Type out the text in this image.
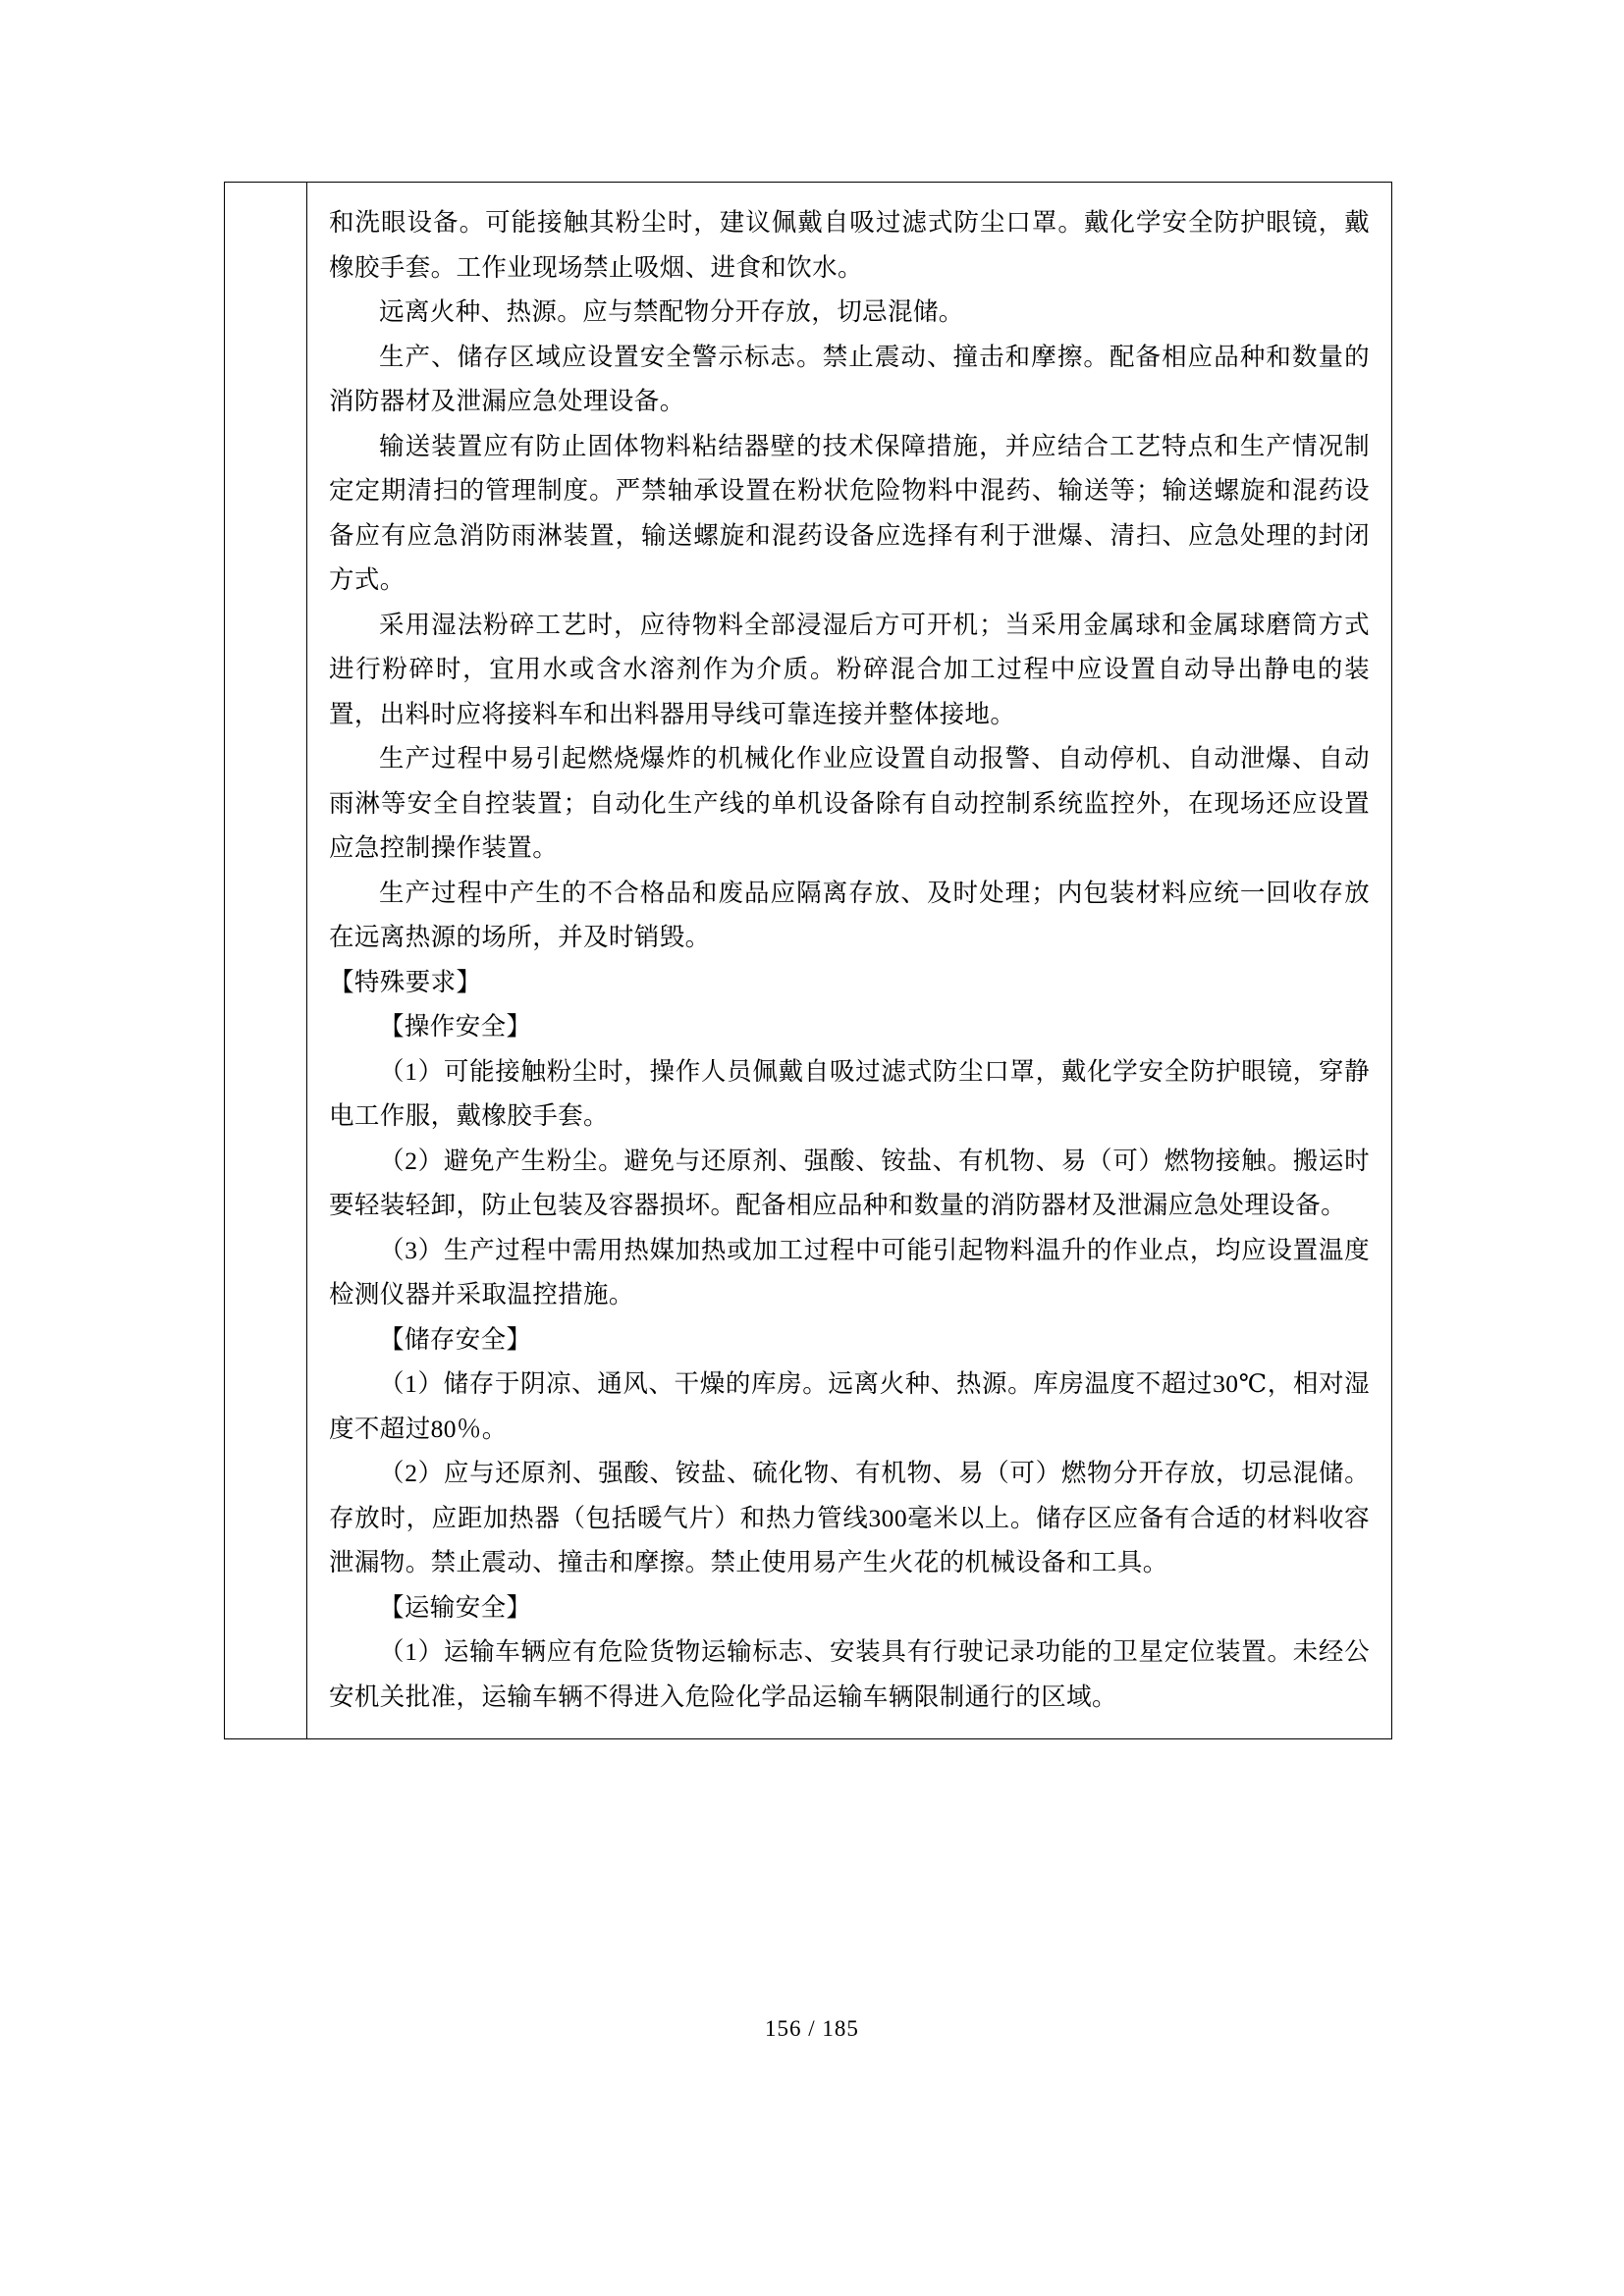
和洗眼设备。可能接触其粉尘时，建议佩戴自吸过滤式防尘口罩。戴化学安全防护眼镜，戴橡胶手套。工作业现场禁止吸烟、进食和饮水。

远离火种、热源。应与禁配物分开存放，切忌混储。

生产、储存区域应设置安全警示标志。禁止震动、撞击和摩擦。配备相应品种和数量的消防器材及泄漏应急处理设备。

输送装置应有防止固体物料粘结器壁的技术保障措施，并应结合工艺特点和生产情况制定定期清扫的管理制度。严禁轴承设置在粉状危险物料中混药、输送等；输送螺旋和混药设备应有应急消防雨淋装置，输送螺旋和混药设备应选择有利于泄爆、清扫、应急处理的封闭方式。

采用湿法粉碎工艺时，应待物料全部浸湿后方可开机；当采用金属球和金属球磨筒方式进行粉碎时，宜用水或含水溶剂作为介质。粉碎混合加工过程中应设置自动导出静电的装置，出料时应将接料车和出料器用导线可靠连接并整体接地。

生产过程中易引起燃烧爆炸的机械化作业应设置自动报警、自动停机、自动泄爆、自动雨淋等安全自控装置；自动化生产线的单机设备除有自动控制系统监控外，在现场还应设置应急控制操作装置。

生产过程中产生的不合格品和废品应隔离存放、及时处理；内包装材料应统一回收存放在远离热源的场所，并及时销毁。

【特殊要求】

【操作安全】

（1）可能接触粉尘时，操作人员佩戴自吸过滤式防尘口罩，戴化学安全防护眼镜，穿静电工作服，戴橡胶手套。

（2）避免产生粉尘。避免与还原剂、强酸、铵盐、有机物、易（可）燃物接触。搬运时要轻装轻卸，防止包装及容器损坏。配备相应品种和数量的消防器材及泄漏应急处理设备。

（3）生产过程中需用热媒加热或加工过程中可能引起物料温升的作业点，均应设置温度检测仪器并采取温控措施。

【储存安全】

（1）储存于阴凉、通风、干燥的库房。远离火种、热源。库房温度不超过30℃，相对湿度不超过80％。

（2）应与还原剂、强酸、铵盐、硫化物、有机物、易（可）燃物分开存放，切忌混储。存放时，应距加热器（包括暖气片）和热力管线300毫米以上。储存区应备有合适的材料收容泄漏物。禁止震动、撞击和摩擦。禁止使用易产生火花的机械设备和工具。

【运输安全】

（1）运输车辆应有危险货物运输标志、安装具有行驶记录功能的卫星定位装置。未经公安机关批准，运输车辆不得进入危险化学品运输车辆限制通行的区域。

156 / 185
